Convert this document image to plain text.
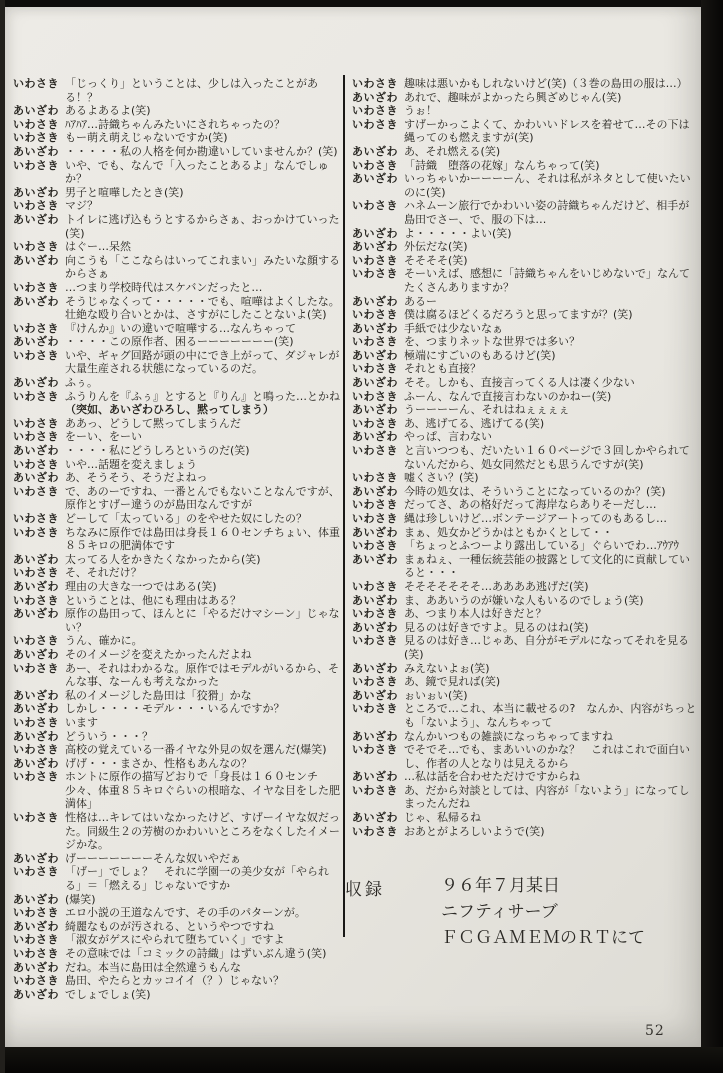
いわさき 「じっくり」ということは、少しは入ったことがある！？
あいざわ あるよあるよ(笑)
いわさき ﾊｱﾊｱ…詩織ちゃんみたいにされちゃったの？
いわさき もー萌え萌えじゃないですか(笑)
あいざわ ・・・・・私の人格を何か勘違いしていませんか？(笑)
いわさき いや、でも、なんで「入ったことあるよ」なんでしゅか？
あいざわ 男子と喧嘩したとき(笑)
いわさき マジ？
あいざわ トイレに逃げ込もうとするからさぁ、おっかけていった(笑)
いわさき はぐー…呆然
あいざわ 向こうも「ここならはいってこれまい」みたいな顔するからさぁ
いわさき …つまり学校時代はスケバンだったと…
あいざわ そうじゃなくって・・・・・でも、喧嘩はよくしたな。壮絶な殴り合いとかは、さすがにしたことないよ(笑)
いわさき 『けんか』いの違いで喧嘩する…なんちゃって
あいざわ ・・・・この原作者、困るーーーーーーー(笑)
いわさき いや、ギャグ回路が頭の中にでき上がって、ダジャレが大量生産される状態になっているのだ。
あいざわ ふぅ。
いわさき ふうりんを『ふぅ』とすると『りん』と鳴った…とかね
（突如、あいざわひろし、黙ってしまう）
いわさき ああっ、どうして黙ってしまうんだ
いわさき をーい、をーい
あいざわ ・・・・私にどうしろというのだ(笑)
いわさき いや…話題を変えましょう
あいざわ あ、そうそう、そうだよねっ
いわさき で、あのーですね、一番とんでもないことなんですが、原作とすげー違うのが島田なんですが
いわさき どーして「太っている」のをやせた奴にしたの？
いわさき ちなみに原作では島田は身長１６０センチちょい、体重８５キロの肥満体です
あいざわ 太ってる人をかきたくなかったから(笑)
いわさき そ、それだけ？
あいざわ 理由の大きな一つではある(笑)
いわさき ということは、他にも理由はある？
あいざわ 原作の島田って、ほんとに「やるだけマシーン」じゃない？
いわさき うん、確かに。
あいざわ そのイメージを変えたかったんだよね
いわさき あー、それはわかるな。原作ではモデルがいるから、そんな事、なーんも考えなかった
あいざわ 私のイメージした島田は「狡猾」かな
あいざわ しかし・・・・モデル・・・いるんですか？
いわさき います
あいざわ どういう・・・？
いわさき 高校の覚えている一番イヤな外見の奴を選んだ(爆笑)
あいざわ げげ・・・まさか、性格もあんなの？
いわさき ホントに原作の描写どおりで「身長は１６０センチ少々、体重８５キロぐらいの根暗な、イヤな目をした肥満体」
いわさき 性格は…キレてはいなかったけど、すげーイヤな奴だった。同級生２の芳樹のかわいいところをなくしたイメージかな。
あいざわ げーーーーーーーそんな奴いやだぁ
いわさき 「げー」でしょ？　それに学園一の美少女が「やられる」＝「燃える」じゃないですか
あいざわ (爆笑)
いわさき エロ小説の王道なんです、その手のパターンが。
あいざわ 綺麗なものが汚される、というやつですね
いわさき 「淑女がゲスにやられて堕ちていく」ですよ
いわさき その意味では「コミックの詩織」はずいぶん違う(笑)
あいざわ だね。本当に島田は全然違うもんな
いわさき 島田、やたらとカッコイイ（？）じゃない？
あいざわ でしょでしょ(笑)
いわさき 趣味は悪いかもしれないけど(笑)（３巻の島田の服は…）
あいざわ あれで、趣味がよかったら興ざめじゃん(笑)
いわさき うぉ！
いわさき すげーかっこよくて、かわいいドレスを着せて…その下は縄ってのも燃えますが(笑)
あいざわ あ、それ燃える(笑)
いわさき 「詩織　堕落の花嫁」なんちゃって(笑)
あいざわ いっちゃいかーーーーん、それは私がネタとして使いたいのに(笑)
いわさき ハネムーン旅行でかわいい姿の詩織ちゃんだけど、相手が島田でさー、で、服の下は…
あいざわ よ・・・・・よい(笑)
あいざわ 外伝だな(笑)
いわさき そそそそ(笑)
いわさき そーいえば、感想に「詩織ちゃんをいじめないで」なんてたくさんありますか？
あいざわ あるー
いわさき 僕は腐るほどくるだろうと思ってますが？(笑)
あいざわ 手紙では少ないなぁ
いわさき を、つまりネットな世界では多い？
あいざわ 極端にすごいのもあるけど(笑)
いわさき それとも直接？
あいざわ そそ。しかも、直接言ってくる人は凄く少ない
いわさき ふーん、なんで直接言わないのかねー(笑)
あいざわ うーーーーん、それはねぇぇぇぇ
いわさき あ、逃げてる、逃げてる(笑)
あいざわ やっぱ、言わない
いわさき と言いつつも、だいたい１６０ページで３回しかやられてないんだから、処女同然だとも思うんですが(笑)
いわさき 嘘くさい？(笑)
あいざわ 今時の処女は、そういうことになっているのか？(笑)
いわさき だってさ、あの格好だって海岸ならありそーだし…
いわさき 縄は珍しいけど…ボンテージアートってのもあるし…
あいざわ まぁ、処女かどうかはともかくとして・・
いわさき 「ちょっとふつーより露出している」ぐらいでわ…ｱｳｱｳ
あいざわ まぁねぇ、一種伝統芸能の披露として文化的に貢献していると・・・
いわさき そそそそそそそ…ああああ逃げだ(笑)
あいざわ ま、ああいうのが嫌いな人もいるのでしょう(笑)
いわさき あ、つまり本人は好きだと？
あいざわ 見るのは好きですよ。見るのはね(笑)
いわさき 見るのは好き…じゃあ、自分がモデルになってそれを見る(笑)
あいざわ みえないよぉ(笑)
いわさき あ、鏡で見れば(笑)
あいざわ ぉいぉい(笑)
いわさき ところで…これ、本当に載せるの?　なんか、内容がちっとも「ないよう」、なんちゃって
あいざわ なんかいつもの雑談になっちゃってますね
いわさき でそでそ…でも、まあいいのかな？　これはこれで面白いし、作者の人となりは見えるから
あいざわ …私は話を合わせただけですからね
いわさき あ、だから対談としては、内容が「ないよう」になってしまったんだね
あいざわ じゃ、私帰るね
いわさき おあとがよろしいようで(笑)
収録	９６年７月某日
ニフティサーブ
ＦＣＧＡＭＥＭのＲＴにて
52
